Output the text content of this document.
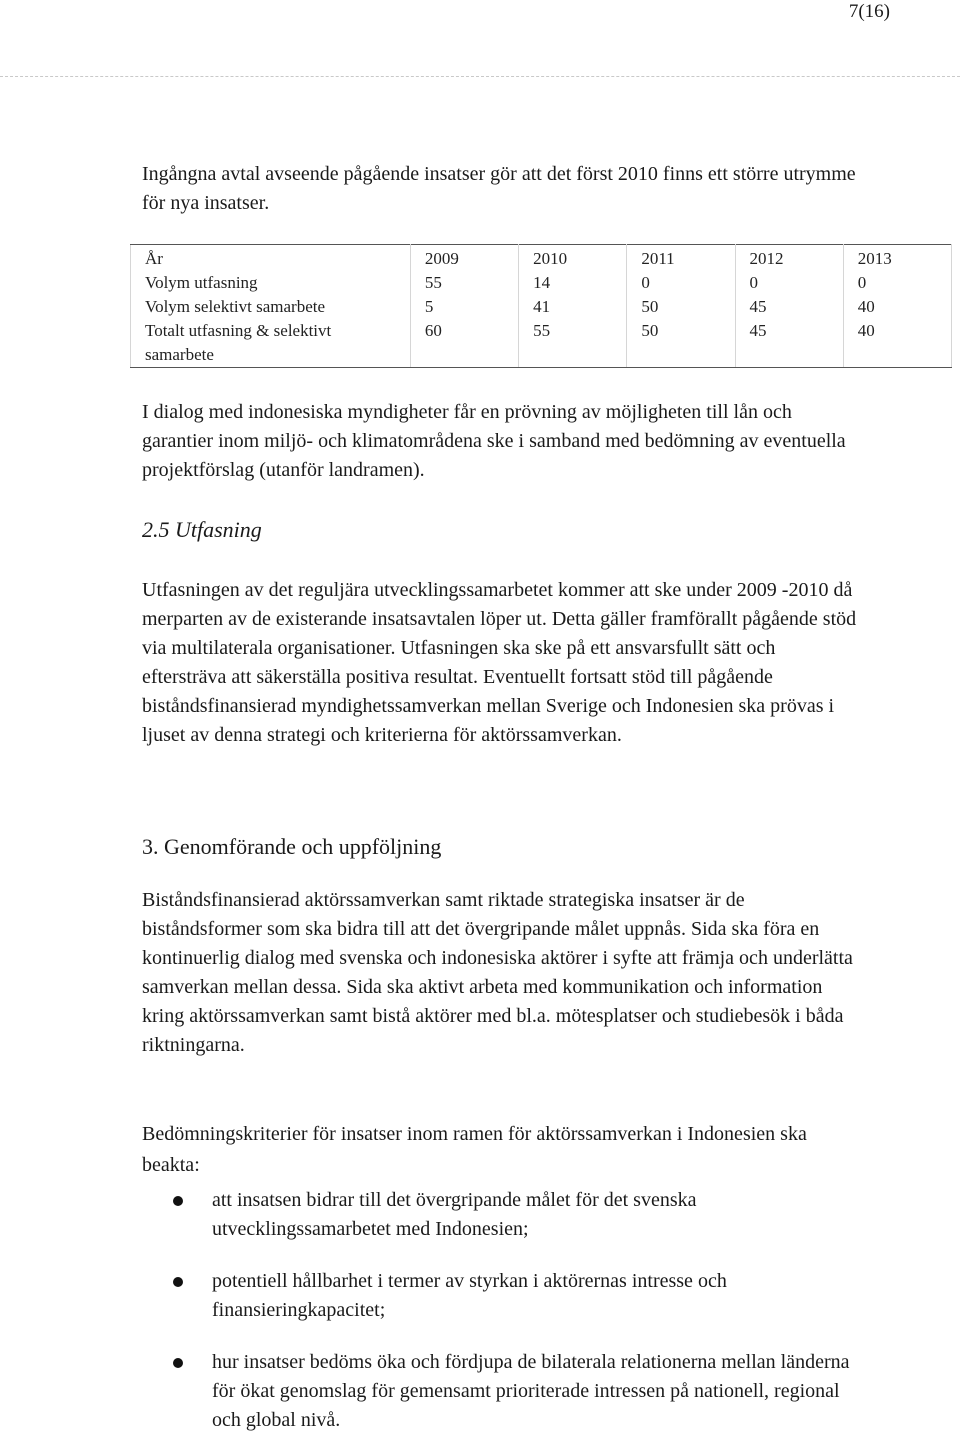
7(16)

Ingångna avtal avseende pågående insatser gör att det först 2010 finns ett större utrymme för nya insatser.

År	2009	2010	2011	2012	2013
Volym utfasning	55	14	0	0	0
Volym selektivt samarbete	5	41	50	45	40
Totalt utfasning & selektivt samarbete	60	55	50	45	40

I dialog med indonesiska myndigheter får en prövning av möjligheten till lån och garantier inom miljö- och klimatområdena ske i samband med bedömning av eventuella projektförslag (utanför landramen).

2.5 Utfasning

Utfasningen av det reguljära utvecklingssamarbetet kommer att ske under 2009 -2010 då merparten av de existerande insatsavtalen löper ut. Detta gäller framförallt pågående stöd via multilaterala organisationer. Utfasningen ska ske på ett ansvarsfullt sätt och eftersträva att säkerställa positiva resultat. Eventuellt fortsatt stöd till pågående biståndsfinansierad myndighetssamverkan mellan Sverige och Indonesien ska prövas i ljuset av denna strategi och kriterierna för aktörssamverkan.

3. Genomförande och uppföljning

Biståndsfinansierad aktörssamverkan samt riktade strategiska insatser är de biståndsformer som ska bidra till att det övergripande målet uppnås. Sida ska föra en kontinuerlig dialog med svenska och indonesiska aktörer i syfte att främja och underlätta samverkan mellan dessa. Sida ska aktivt arbeta med kommunikation och information kring aktörssamverkan samt bistå aktörer med bl.a. mötesplatser och studiebesök i båda riktningarna.

Bedömningskriterier för insatser inom ramen för aktörssamverkan i Indonesien ska beakta:

att insatsen bidrar till det övergripande målet för det svenska utvecklingssamarbetet med Indonesien;
potentiell hållbarhet i termer av styrkan i aktörernas intresse och finansieringkapacitet;
hur insatser bedöms öka och fördjupa de bilaterala relationerna mellan länderna för ökat genomslag för gemensamt prioriterade intressen på nationell, regional och global nivå.
